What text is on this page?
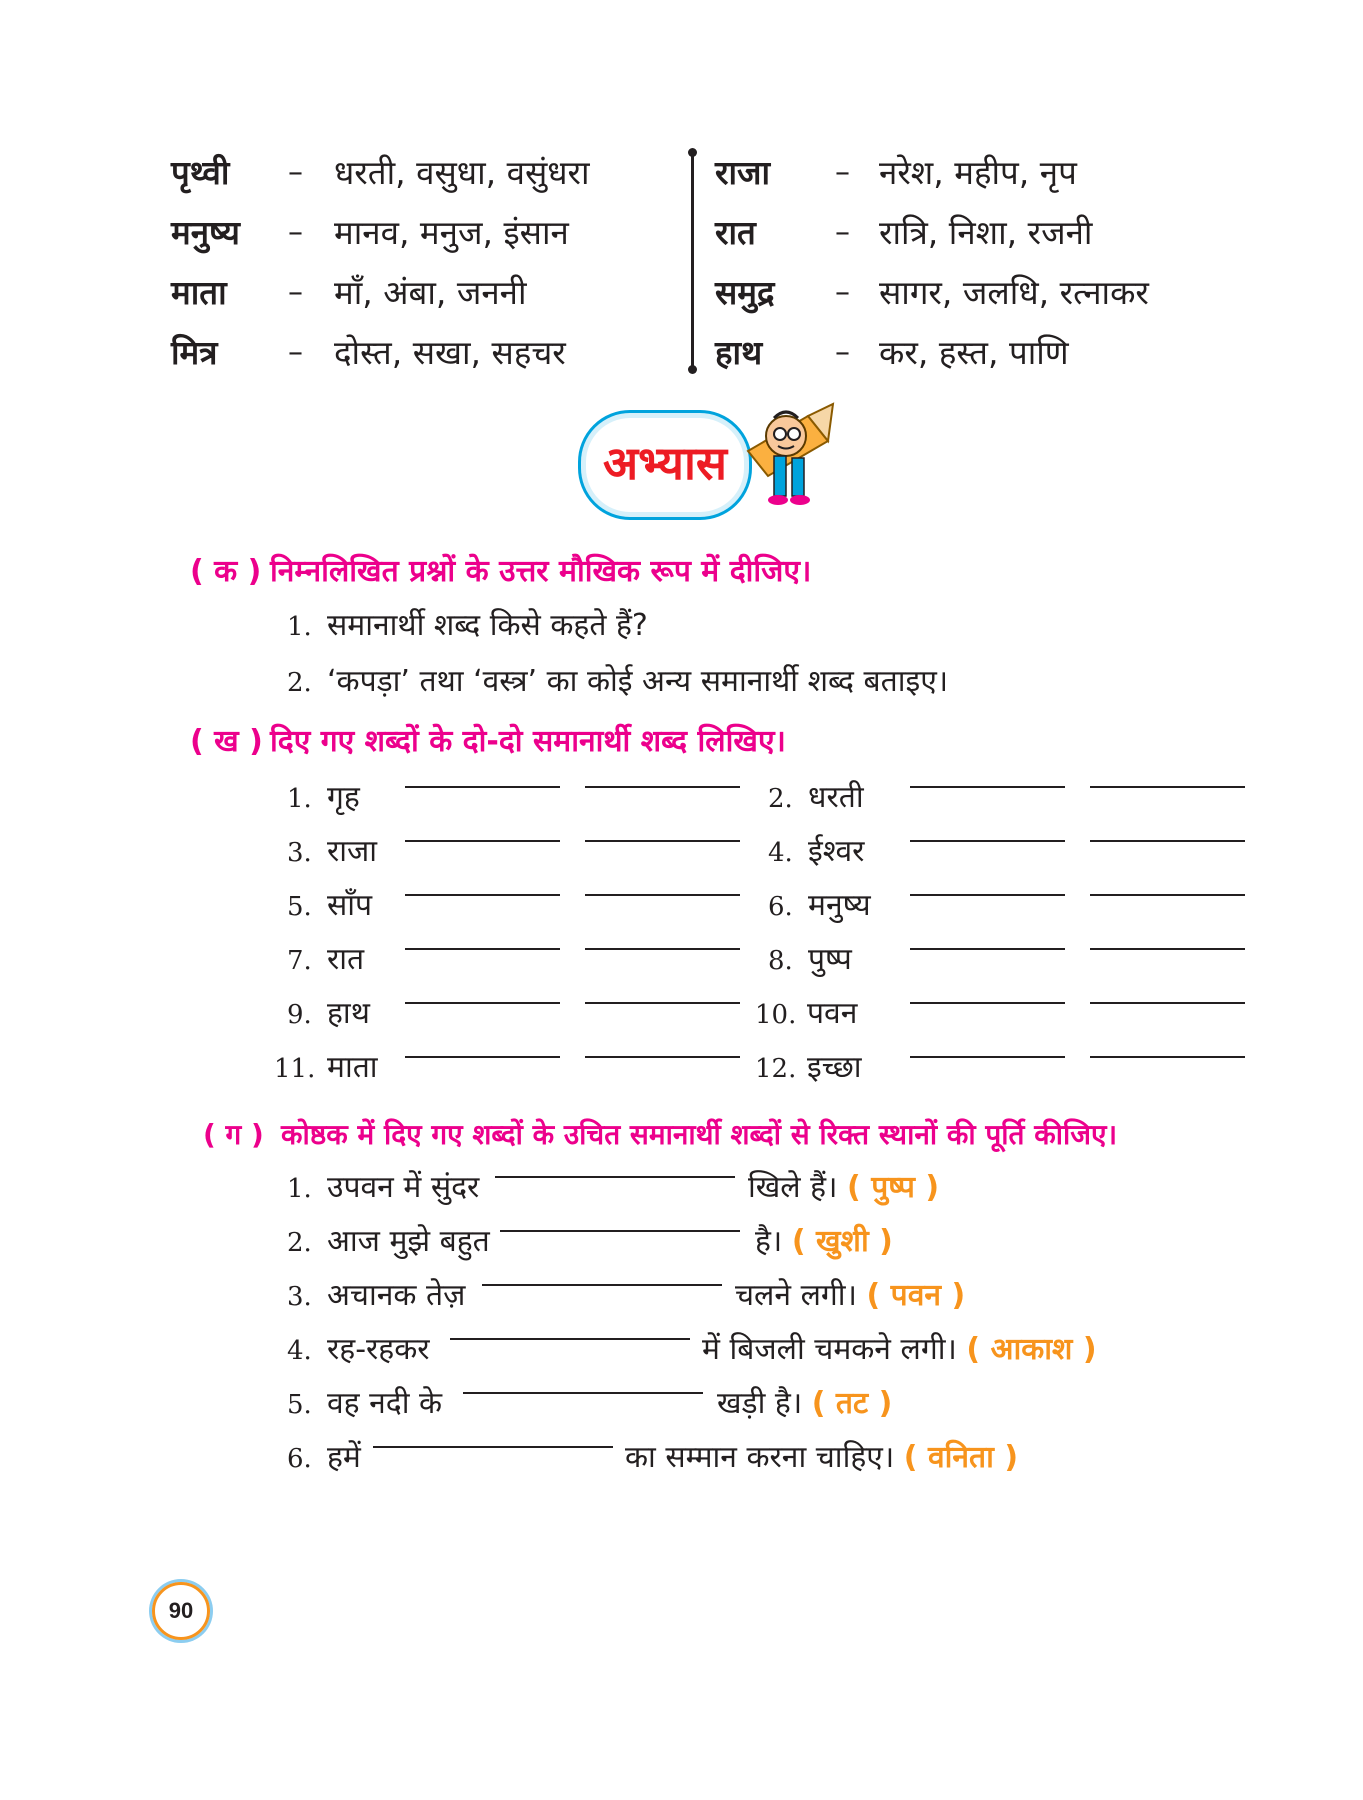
पृथ्वी – धरती, वसुधा, वसुंधरा
मनुष्य – मानव, मनुज, इंसान
माता – माँ, अंबा, जननी
मित्र – दोस्त, सखा, सहचर
राजा – नरेश, महीप, नृप
रात	– रात्रि, निशा, रजनी
समुद्र – सागर, जलधि, रत्नाकर
हाथ – कर, हस्त, पाणि
अभ्यास
( क ) निम्नलिखित प्रश्नों के उत्तर मौखिक रूप में दीजिए।
1. समानार्थी शब्द किसे कहते हैं?
2. ‘कपड़ा’ तथा ‘वस्त्र’ का कोई अन्य समानार्थी शब्द बताइए।
( ख ) दिए गए शब्दों के दो-दो समानार्थी शब्द लिखिए।
1. गृह	2. धरती
3. राजा	4. ईश्वर
5. साँप	6. मनुष्य
7. रात	8. पुष्प
9. हाथ	10. पवन
11. माता	12. इच्छा
( ग ) कोष्ठक में दिए गए शब्दों के उचित समानार्थी शब्दों से रिक्त स्थानों की पूर्ति कीजिए।
1. उपवन में सुंदर	खिले हैं। ( पुष्प )
2. आज मुझे बहुत	है। ( खुशी )
3. अचानक तेज़	चलने लगी। ( पवन )
4. रह-रहकर	में बिजली चमकने लगी। ( आकाश )
5. वह नदी के	खड़ी है। ( तट )
6. हमें	का सम्मान करना चाहिए। ( वनिता )
90
